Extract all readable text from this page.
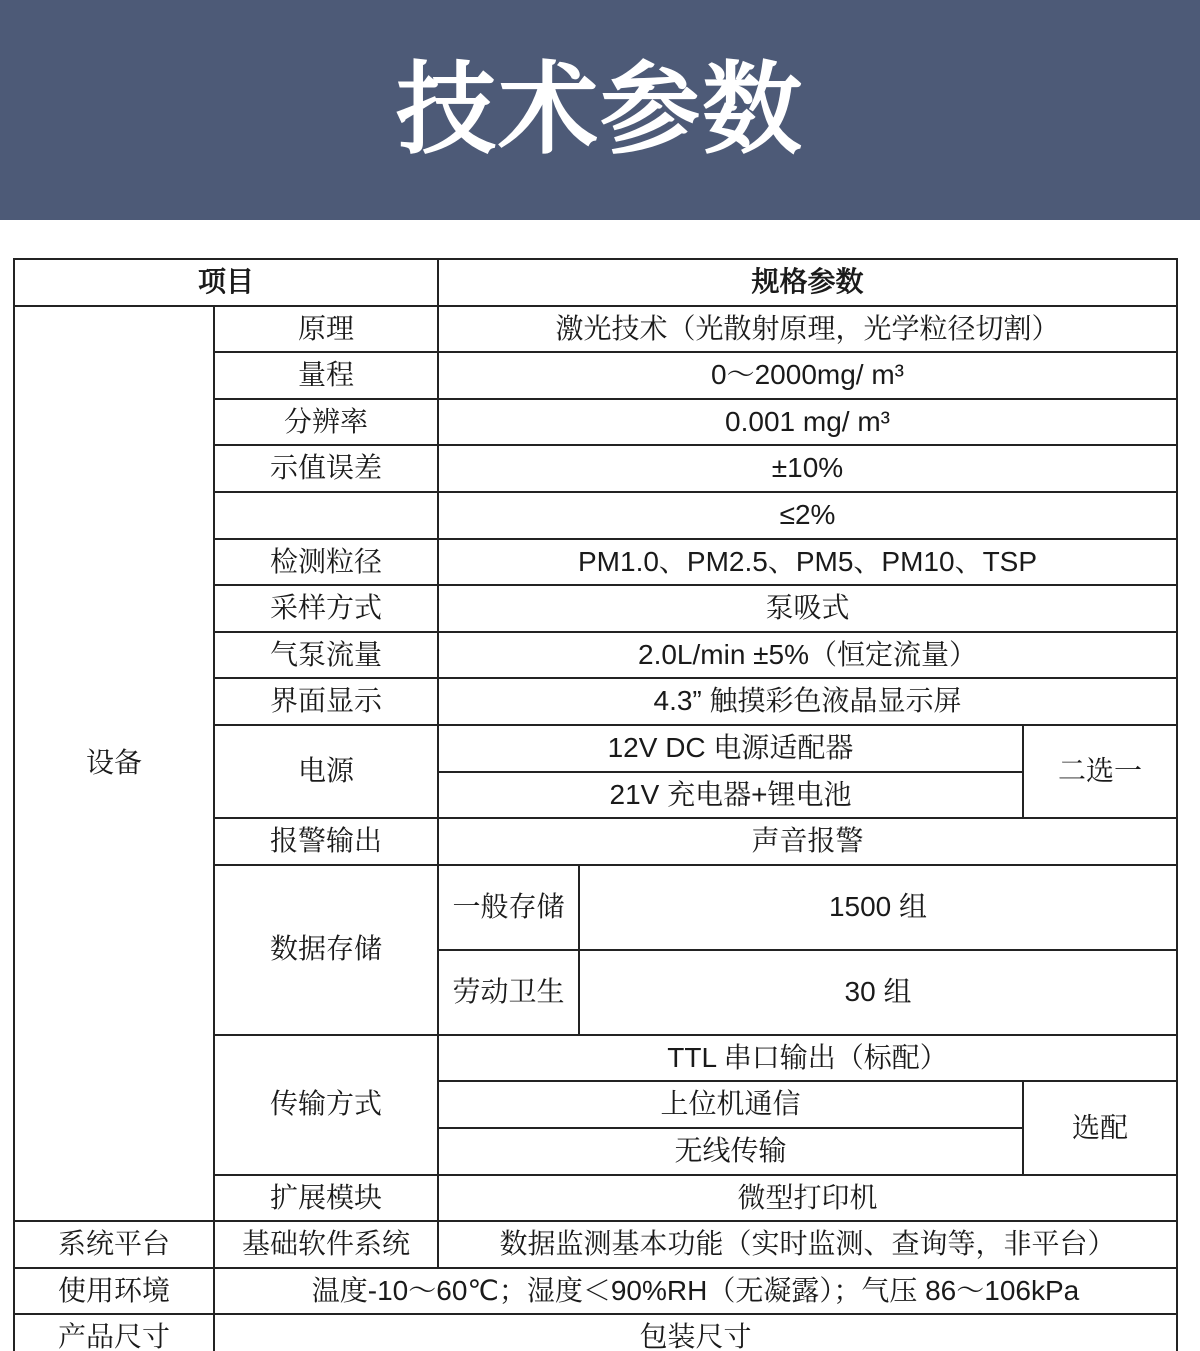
技术参数
项目		规格参数		
设备	原理	激光技术（光散射原理，光学粒径切割）		
	量程	0～2000mg/ m³		
	分辨率	0.001 mg/ m³		
	示值误差	±10%		
		≤2%		
	检测粒径	PM1.0、PM2.5、PM5、PM10、TSP		
	采样方式	泵吸式		
	气泵流量	2.0L/min ±5%（恒定流量）		
	界面显示	4.3” 触摸彩色液晶显示屏		
	电源	12V DC 电源适配器		二选一
		21V 充电器+锂电池		
	报警输出	声音报警		
	数据存储	一般存储	1500 组	
		劳动卫生	30 组	
	传输方式	TTL 串口输出（标配）		
		上位机通信		选配
		无线传输		
	扩展模块	微型打印机		
系统平台	基础软件系统	数据监测基本功能（实时监测、查询等，非平台）		
使用环境	温度-10～60℃；湿度＜90%RH（无凝露）；气压 86～106kPa			
产品尺寸	包装尺寸			
